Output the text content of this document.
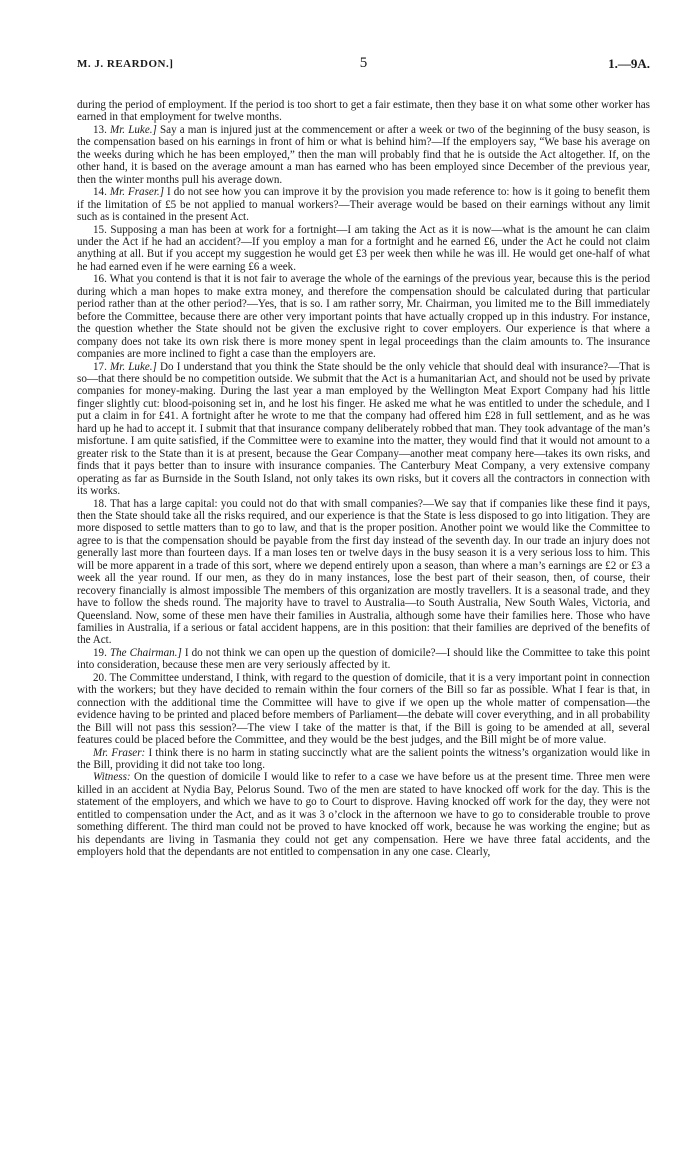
M. J. REARDON.]	5	1.—9A.

during the period of employment. If the period is too short to get a fair estimate, then they base it on what some other worker has earned in that employment for twelve months.

13. Mr. Luke.] Say a man is injured just at the commencement or after a week or two of the beginning of the busy season, is the compensation based on his earnings in front of him or what is behind him?—If the employers say, “We base his average on the weeks during which he has been employed,” then the man will probably find that he is outside the Act altogether. If, on the other hand, it is based on the average amount a man has earned who has been employed since December of the previous year, then the winter months pull his average down.

14. Mr. Fraser.] I do not see how you can improve it by the provision you made reference to: how is it going to benefit them if the limitation of £5 be not applied to manual workers?—Their average would be based on their earnings without any limit such as is contained in the present Act.

15. Supposing a man has been at work for a fortnight—I am taking the Act as it is now—what is the amount he can claim under the Act if he had an accident?—If you employ a man for a fortnight and he earned £6, under the Act he could not claim anything at all. But if you accept my suggestion he would get £3 per week then while he was ill. He would get one-half of what he had earned even if he were earning £6 a week.

16. What you contend is that it is not fair to average the whole of the earnings of the previous year, because this is the period during which a man hopes to make extra money, and therefore the compensation should be calculated during that particular period rather than at the other period?—Yes, that is so. I am rather sorry, Mr. Chairman, you limited me to the Bill immediately before the Committee, because there are other very important points that have actually cropped up in this industry. For instance, the question whether the State should not be given the exclusive right to cover employers. Our experience is that where a company does not take its own risk there is more money spent in legal proceedings than the claim amounts to. The insurance companies are more inclined to fight a case than the employers are.

17. Mr. Luke.] Do I understand that you think the State should be the only vehicle that should deal with insurance?—That is so—that there should be no competition outside. We submit that the Act is a humanitarian Act, and should not be used by private companies for money-making. During the last year a man employed by the Wellington Meat Export Company had his little finger slightly cut: blood-poisoning set in, and he lost his finger. He asked me what he was entitled to under the schedule, and I put a claim in for £41. A fortnight after he wrote to me that the company had offered him £28 in full settlement, and as he was hard up he had to accept it. I submit that that insurance company deliberately robbed that man. They took advantage of the man’s misfortune. I am quite satisfied, if the Committee were to examine into the matter, they would find that it would not amount to a greater risk to the State than it is at present, because the Gear Company—another meat company here—takes its own risks, and finds that it pays better than to insure with insurance companies. The Canterbury Meat Company, a very extensive company operating as far as Burnside in the South Island, not only takes its own risks, but it covers all the contractors in connection with its works.

18. That has a large capital: you could not do that with small companies?—We say that if companies like these find it pays, then the State should take all the risks required, and our experience is that the State is less disposed to go into litigation. They are more disposed to settle matters than to go to law, and that is the proper position. Another point we would like the Committee to agree to is that the compensation should be payable from the first day instead of the seventh day. In our trade an injury does not generally last more than fourteen days. If a man loses ten or twelve days in the busy season it is a very serious loss to him. This will be more apparent in a trade of this sort, where we depend entirely upon a season, than where a man’s earnings are £2 or £3 a week all the year round. If our men, as they do in many instances, lose the best part of their season, then, of course, their recovery financially is almost impossible The members of this organization are mostly travellers. It is a seasonal trade, and they have to follow the sheds round. The majority have to travel to Australia—to South Australia, New South Wales, Victoria, and Queensland. Now, some of these men have their families in Australia, although some have their families here. Those who have families in Australia, if a serious or fatal accident happens, are in this position: that their families are deprived of the benefits of the Act.

19. The Chairman.] I do not think we can open up the question of domicile?—I should like the Committee to take this point into consideration, because these men are very seriously affected by it.

20. The Committee understand, I think, with regard to the question of domicile, that it is a very important point in connection with the workers; but they have decided to remain within the four corners of the Bill so far as possible. What I fear is that, in connection with the additional time the Committee will have to give if we open up the whole matter of compensation—the evidence having to be printed and placed before members of Parliament—the debate will cover everything, and in all probability the Bill will not pass this session?—The view I take of the matter is that, if the Bill is going to be amended at all, several features could be placed before the Committee, and they would be the best judges, and the Bill might be of more value.

Mr. Fraser: I think there is no harm in stating succinctly what are the salient points the witness’s organization would like in the Bill, providing it did not take too long.

Witness: On the question of domicile I would like to refer to a case we have before us at the present time. Three men were killed in an accident at Nydia Bay, Pelorus Sound. Two of the men are stated to have knocked off work for the day. This is the statement of the employers, and which we have to go to Court to disprove. Having knocked off work for the day, they were not entitled to compensation under the Act, and as it was 3 o’clock in the afternoon we have to go to considerable trouble to prove something different. The third man could not be proved to have knocked off work, because he was working the engine; but as his dependants are living in Tasmania they could not get any compensation. Here we have three fatal accidents, and the employers hold that the dependants are not entitled to compensation in any one case. Clearly,
